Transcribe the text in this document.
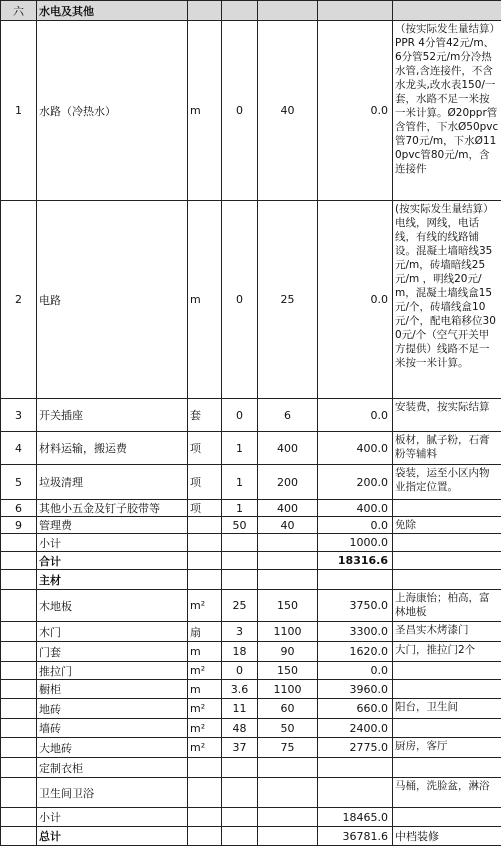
六	水电及其他					
1	水路（冷热水）	m	0	40	0.0	（按实际发生量结算）PPR 4分管42元/m、6分管52元/m分冷热水管,含连接件，不含水龙头,改水表150/一套，水路不足一米按一米计算。Ø20ppr管含管件，下水Ø50pvc管70元/m，下水Ø110pvc管80元/m，含连接件
2	电路	m	0	25	0.0	(按实际发生量结算）电线，网线，电话线，有线的线路铺设。混凝土墙暗线35元/m，砖墙暗线25元/m ，明线20元/m，混凝土墙线盒15元/个，砖墙线盒10元/个，配电箱移位300元/个（空气开关甲方提供）线路不足一米按一米计算。
3	开关插座	套	0	6	0.0	安装费，按实际结算
4	材料运输，搬运费	项	1	400	400.0	板材，腻子粉，石膏粉等辅料
5	垃圾清理	项	1	200	200.0	袋装，运至小区内物业指定位置。
6	其他小五金及钉子胶带等	项	1	400	400.0	
9	管理费		50	40	0.0	免除
	小计				1000.0	
	合计				18316.6	
	主材					
	木地板	m²	25	150	3750.0	上海康怡；柏高，富林地板
	木门	扇	3	1100	3300.0	圣昌实木烤漆门
	门套	m	18	90	1620.0	大门，推拉门2个
	推拉门	m²	0	150	0.0	
	橱柜	m	3.6	1100	3960.0	
	地砖	m²	11	60	660.0	阳台，卫生间
	墙砖	m²	48	50	2400.0	
	大地砖	m²	37	75	2775.0	厨房，客厅
	定制衣柜					
	卫生间卫浴					马桶，洗脸盆，淋浴
	小计				18465.0	
	总计				36781.6	中档装修
